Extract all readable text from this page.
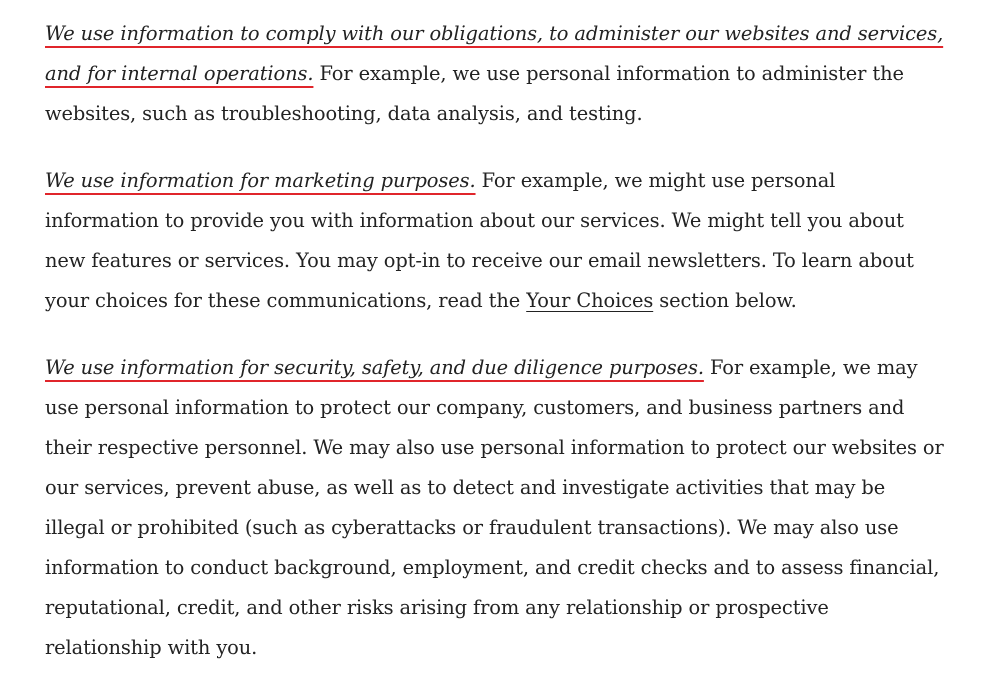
We use information to comply with our obligations, to administer our websites and services, and for internal operations. For example, we use personal information to administer the websites, such as troubleshooting, data analysis, and testing.

We use information for marketing purposes. For example, we might use personal information to provide you with information about our services. We might tell you about new features or services. You may opt-in to receive our email newsletters. To learn about your choices for these communications, read the Your Choices section below.

We use information for security, safety, and due diligence purposes. For example, we may use personal information to protect our company, customers, and business partners and their respective personnel. We may also use personal information to protect our websites or our services, prevent abuse, as well as to detect and investigate activities that may be illegal or prohibited (such as cyberattacks or fraudulent transactions). We may also use information to conduct background, employment, and credit checks and to assess financial, reputational, credit, and other risks arising from any relationship or prospective relationship with you.
